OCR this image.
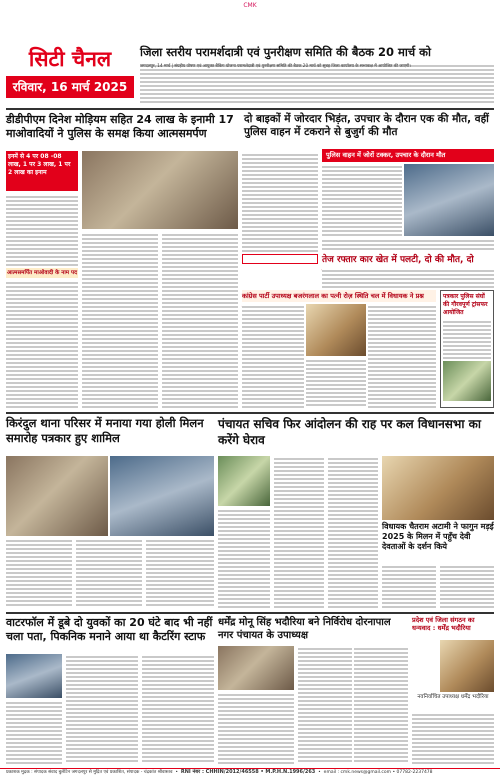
CMK
सिटी चैनल
रविवार, 16 मार्च 2025
जिला स्तरीय परामर्शदात्री एवं पुनरीक्षण समिति की बैठक 20 मार्च को
जगदलपुर, 14 मार्च | संग्रहीय पोषण एवं आयुक्त बैंकिंग योजना परामर्शदात्री एवं पुनरीक्षण समिति की बैठक 20 मार्च को सुबह जिला कार्यालय के सभाकक्ष में आयोजित की जाएगी।
डीडीपीएम दिनेश मोड़ियम सहित 24 लाख के इनामी 17 माओवादियों ने पुलिस के समक्ष किया आत्मसमर्पण
इनमें से 4 पर 08 -08 लाख, 1 पर 3 लाख, 1 पर 2 लाख का इनाम
आत्मसमर्पित माओवादी के नाम पद
दो बाइकों में जोरदार भिड़ंत, उपचार के दौरान एक की मौत, वहीं पुलिस वाहन में टकराने से बुजुर्ग की मौत
पुलिस वाहन में जोरों टक्कर, उपचार के दौरान मौत
तेज रफ्तार कार खेत में पलटी, दो की मौत, दो
कांग्रेस पार्टी उपाध्यक्ष बजरंगलाल का पत्नी रोज़ स्थिति चल में विधायक ने प्रश्न	पत्रकार पुलिस संघों की गौरवपूर्ण ट्रांसफर आयोजित
किरंदुल थाना परिसर में मनाया गया होली मिलन समारोह पत्रकार हुए शामिल
पंचायत सचिव फिर आंदोलन की राह पर कल विधानसभा का करेंगे घेराव
विधायक चैतराम अटामी ने फागुन मड़ई 2025 के मिलन में पहुँच देवी देवताओं के दर्शन किये
वाटरफॉल में डूबे दो युवकों का 20 घंटे बाद भी नहीं चला पता, पिकनिक मनाने आया था कैटरिंग स्टाफ
धर्मेंद्र मोनू सिंह भदौरिया बने निर्विरोध दोरनापाल नगर पंचायत के उपाध्यक्ष
प्रदेश एवं जिला संगठन का धन्यवाद : धर्मेंद्र भदौरिया
नवनिर्वाचित उपाध्यक्ष धर्मेंद्र भदौरिया
प्रकाशक मुद्रक : संपादक संवाद बुलेटिन जगदलपुर से मुद्रित एवं प्रकाशित, संपादक - चंद्रकांत श्रीवास्तव  •  RNI नंबर : CHHIN/2012/46558 • M.P.H.N.1996/263  •  email : cmk.news@gmail.com • 07782-2237478
